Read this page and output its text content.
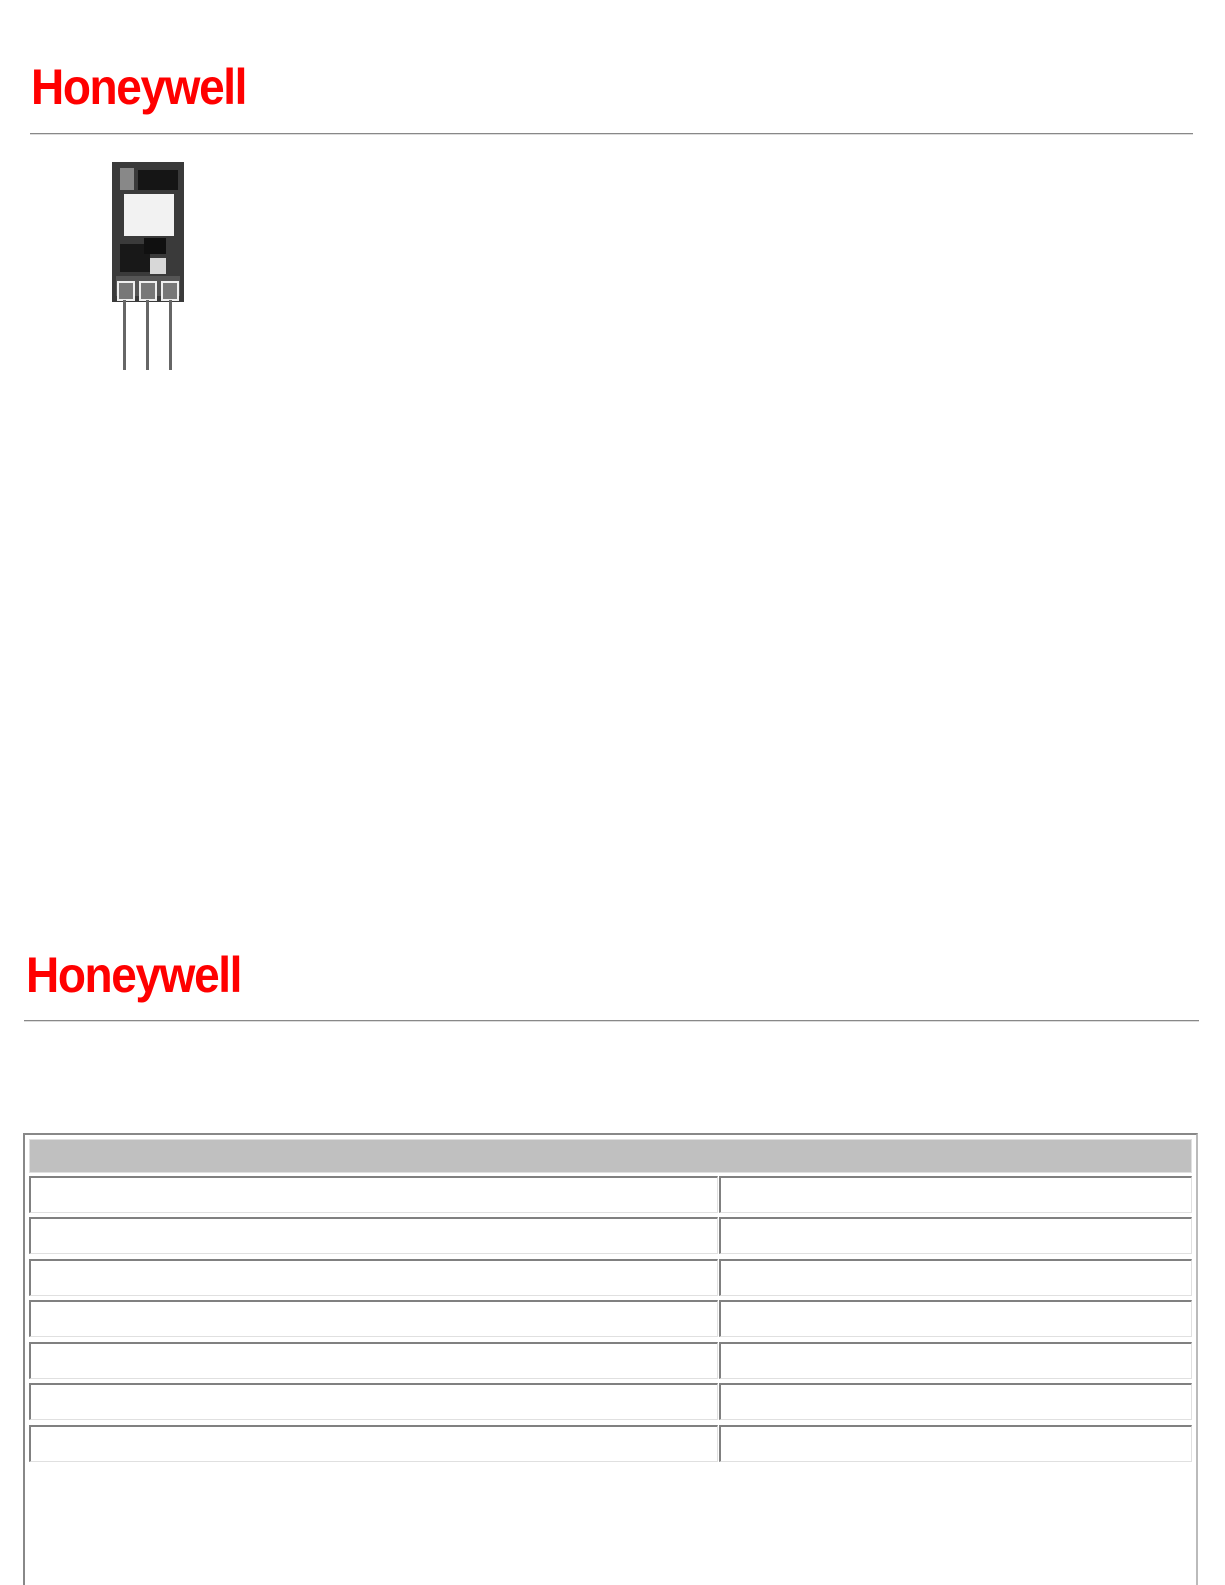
Honeywell
Honeywell
